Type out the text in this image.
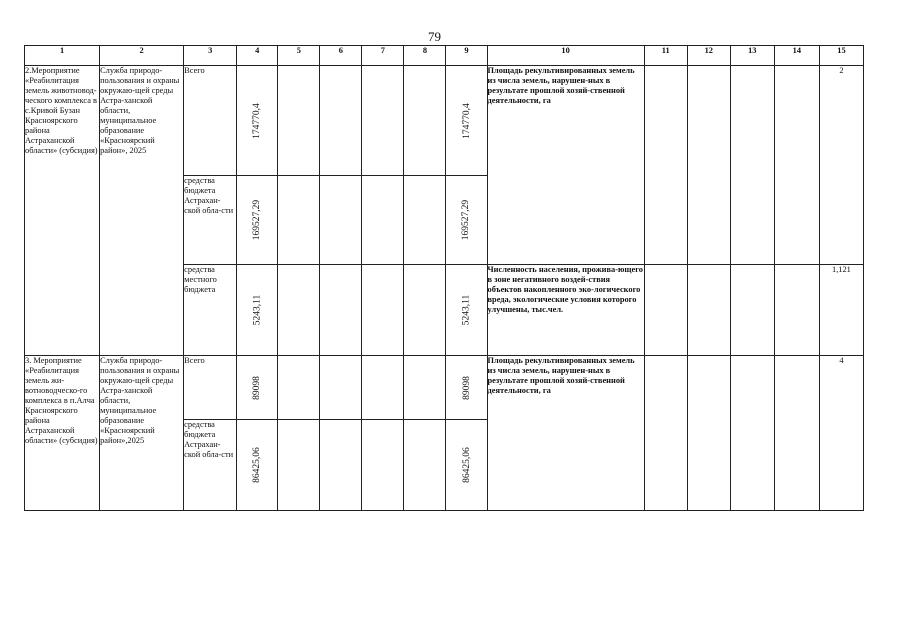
79
1	2	3	4	5	6	7	8	9	10	11	12	13	14	15
2.Мероприятие «Реабилитация земель животновод-ческого комплекса в с.Кривой Бузан Красноярского района Астраханской области» (субсидия)	Служба природо-пользования и охраны окружаю-щей среды Астра-ханской области, муниципальное образование «Красноярский район», 2025	Всего	174770,4					174770,4	Площадь рекультивированных земель из числа земель, нарушен-ных в результате прошлой хозяй-ственной деятельности, га					2
		средства бюджета Астрахан-ской обла-сти	169527,29					169527,29						
		средства местного бюджета	5243,11					5243,11	Численность населения, прожива-ющего в зоне негативного воздей-ствия объектов накопленного эко-логического вреда, экологические условия которого улучшены, тыс.чел.					1,121
3. Мероприятие «Реабилитация земель жи-вотноводческо-го комплекса в п.Алча Красноярского района Астраханской области» (субсидия)	Служба природо-пользования и охраны окружаю-щей среды Астра-ханской области, муниципальное образование «Красноярский район»,2025	Всего	89098					89098	Площадь рекультивированных земель из числа земель, нарушен-ных в результате прошлой хозяй-ственной деятельности, га					4
		средства бюджета Астрахан-ской обла-сти	86425,06					86425,06						
